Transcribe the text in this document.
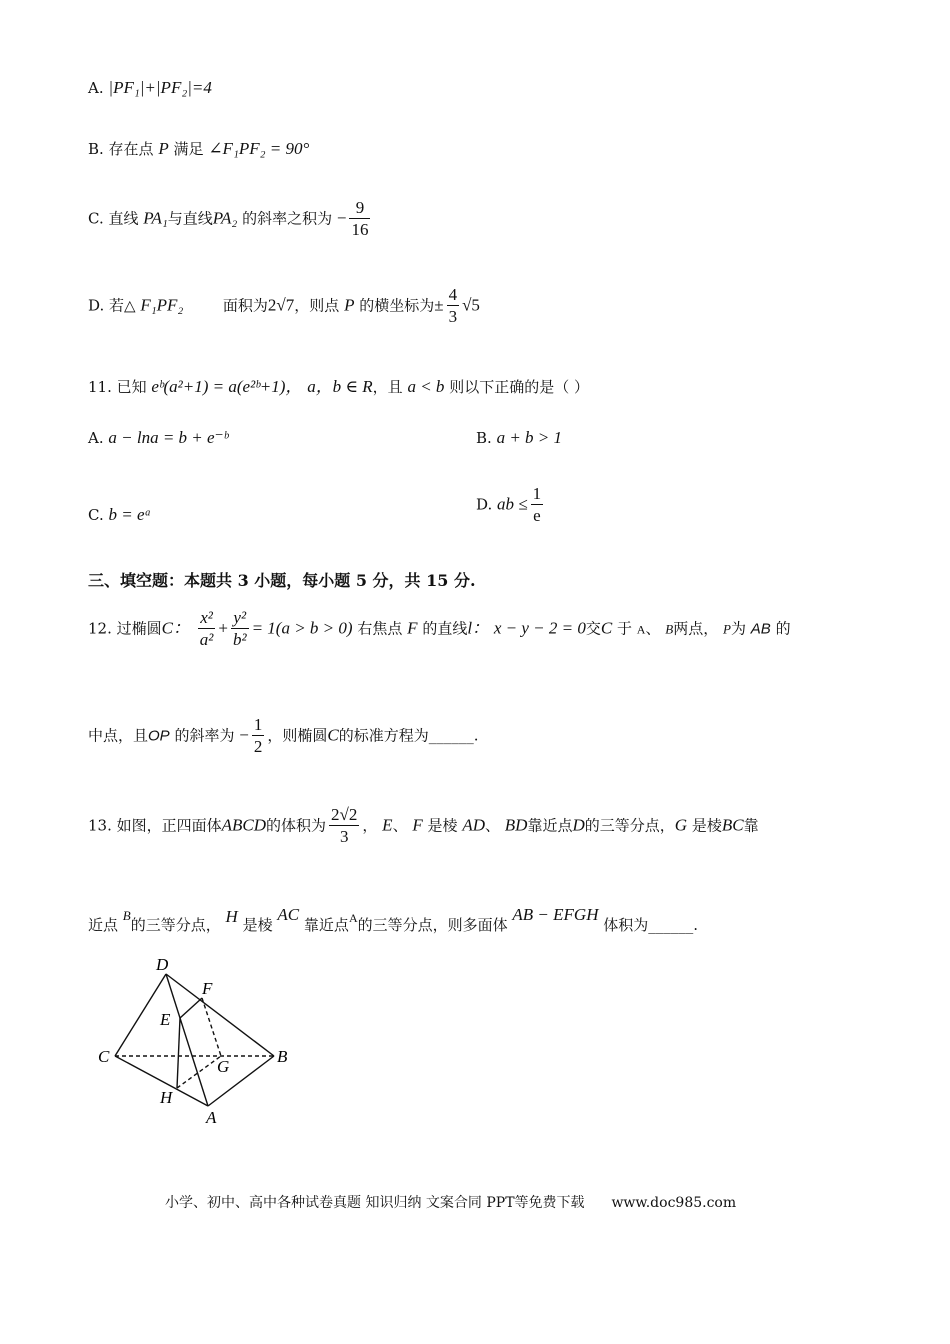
A. |PF₁|+|PF₂|=4
B. 存在点 P 满足 ∠F₁PF₂ = 90°
C. 直线 PA₁与直线PA₂ 的斜率之积为 − $\frac{9}{16}$
D. 若△ F₁PF₂	面积为2√7，则点 P 的横坐标为± $\frac{4}{3} √5$
11. 已知 eᵇ(a²+1) = a(e²ᵇ+1)， a，b ∈ R，且 a < b 则以下正确的是（ ）
A. a − lna = b + e⁻ᵇ	B. a + b > 1
C. b = eᵃ
D. ab ≤ $\frac{1}{e}$
三、填空题：本题共 3 小题，每小题 5 分，共 15 分.
12. 过椭圆C： $\frac{\text{x²}}{\text{a²}} + \frac{\text{y²}}{\text{b²}} = 1(a > b > 0)$ 右焦点 F 的直线l： x − y − 2 = 0交C 于 A、 B两点， P为 AB 的
中点，且OP 的斜率为 − $\frac{1}{2}$ ，则椭圆C的标准方程为______.
13. 如图，正四面体ABCD的体积为 $\frac{2√2}{3}$ ， E、 F 是棱 AD、 BD靠近点D的三等分点，G 是棱BC靠
近点 B的三等分点， H 是棱 AC 靠近点$^A$的三等分点，则多面体 AB − EFGH 体积为______.
D
F
E
C
G
B
H
A
小学、初中、高中各种试卷真题 知识归纳 文案合同 PPT等免费下载 www.doc985.com
